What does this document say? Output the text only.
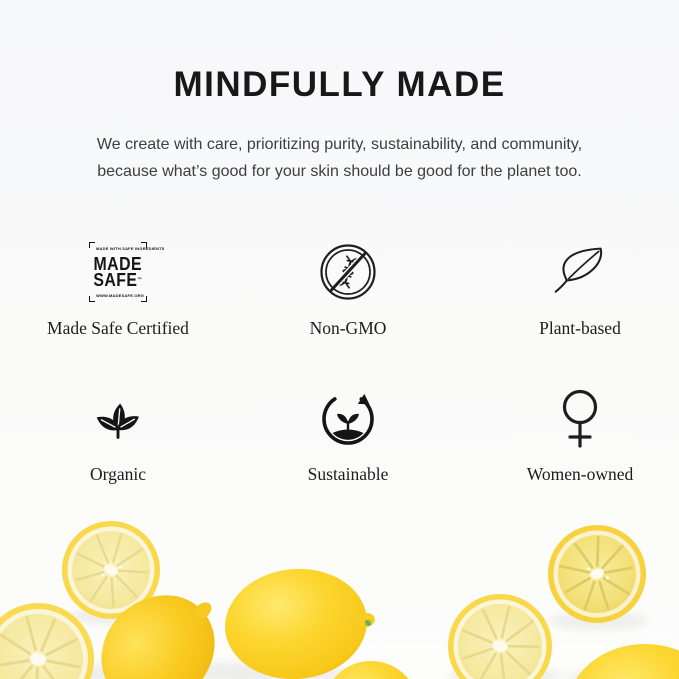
MINDFULLY MADE

We create with care, prioritizing purity, sustainability, and community,
because what’s good for your skin should be good for the planet too.

MADE WITH SAFE INGREDIENTS
MADE
SAFE™
WWW.MADESAFE.ORG
Made Safe Certified	Non-GMO	Plant-based
Organic	Sustainable	Women-owned
